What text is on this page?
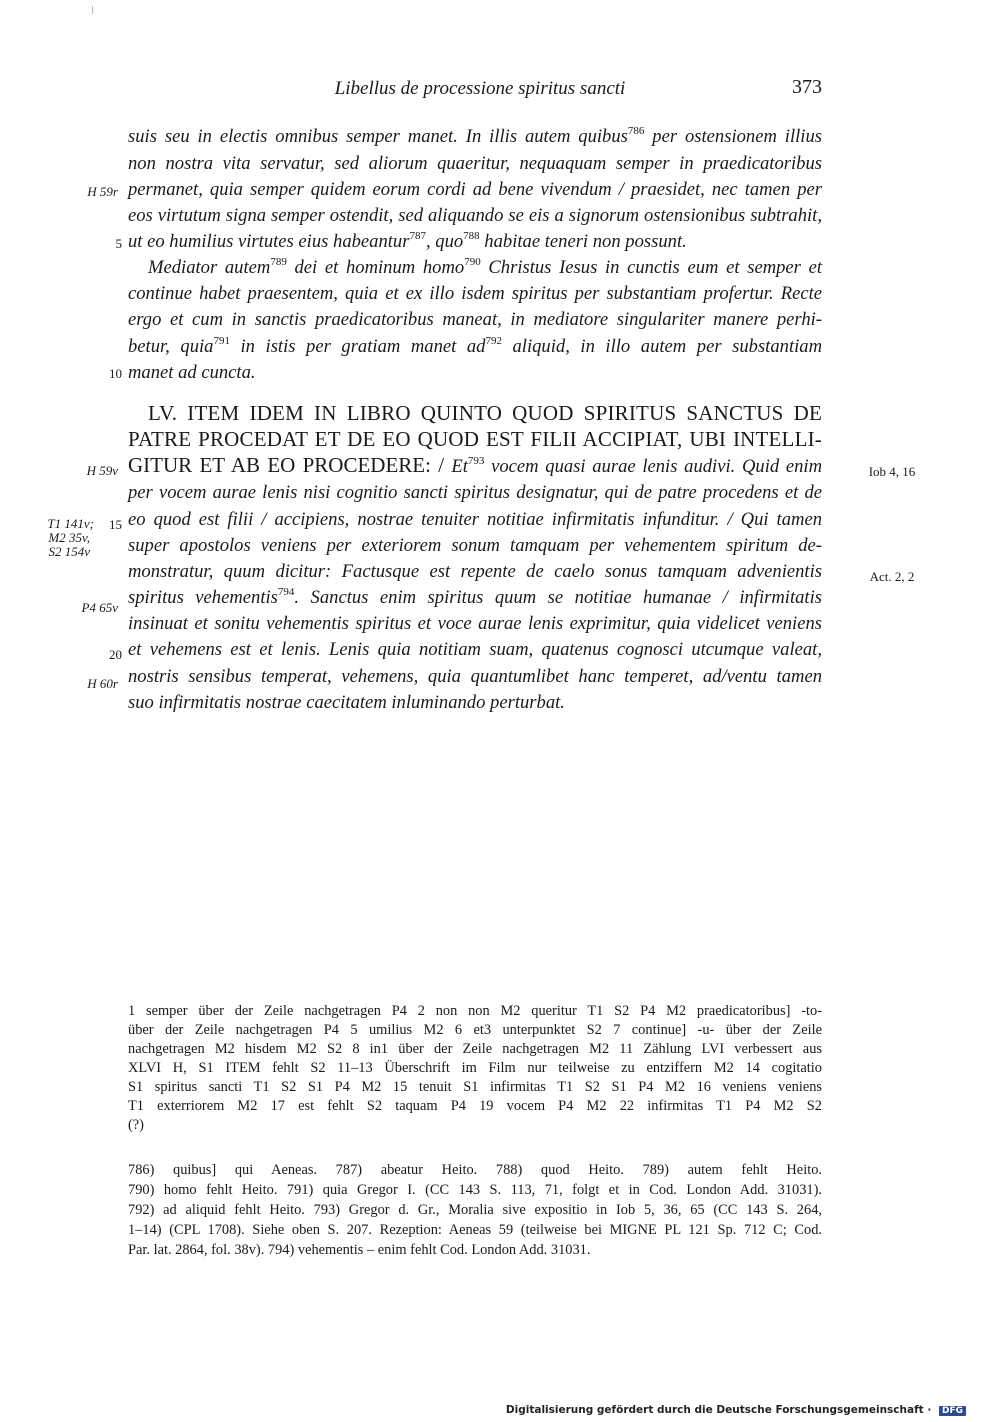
Libellus de processione spiritus sancti	373
suis seu in electis omnibus semper manet. In illis autem quibus$^{786}$ per ostensionem illius
non nostra vita servatur, sed aliorum quaeritur, nequaquam semper in praedicatoribus
permanet, quia semper quidem eorum cordi ad bene vivendum / praesidet, nec tamen per
eos virtutum signa semper ostendit, sed aliquando se eis a signorum ostensionibus subtrahit,
ut eo humilius virtutes eius habeantur$^{787}$, quo$^{788}$ habitae teneri non possunt.
Mediator autem$^{789}$ dei et hominum homo$^{790}$ Christus Iesus in cunctis eum et semper et
continue habet praesentem, quia et ex illo isdem spiritus per substantiam profertur. Recte
ergo et cum in sanctis praedicatoribus maneat, in mediatore singulariter manere perhi-
betur, quia$^{791}$ in istis per gratiam manet $ad^{792}$ aliquid, in illo autem per substantiam
manet ad cuncta.
LV. ITEM IDEM IN LIBRO QUINTO QUOD SPIRITUS SANCTUS DE
PATRE PROCEDAT ET DE EO QUOD EST FILII ACCIPIAT, UBI INTELLI-
GITUR ET AB EO PROCEDERE: / Et$^{793}$ vocem quasi aurae lenis audivi. Quid enim
per vocem aurae lenis nisi cognitio sancti spiritus designatur, qui de patre procedens et de
eo quod est filii / accipiens, nostrae tenuiter notitiae infirmitatis infunditur. / Qui tamen
super apostolos veniens per exteriorem sonum tamquam per vehementem spiritum de-
monstratur, quum dicitur: Factusque est repente de caelo sonus tamquam advenientis
spiritus vehementis$^{794}$. Sanctus enim spiritus quum se notitiae humanae / infirmitatis
insinuat et sonitu vehementis spiritus et voce aurae lenis exprimitur, quia videlicet veniens
et vehemens est et lenis. Lenis quia notitiam suam, quatenus cognosci utcumque valeat,
nostris sensibus temperat, vehemens, quia quantumlibet hanc temperet, ad/ventu tamen
suo infirmitatis nostrae caecitatem inluminando perturbat.
5
10
15
20
H 59r
H 59v
T1 141v;
M2 35v,
S2 154v
P4 65v
H 60r
Iob 4, 16
Act. 2, 2
1 semper über der Zeile nachgetragen P4 2 non non M2 queritur T1 S2 P4 M2 praedicatoribus] -to-
über der Zeile nachgetragen P4 5 umilius M2 6 et3 unterpunktet S2 7 continue] -u- über der Zeile
nachgetragen M2 hisdem M2 S2 8 in1 über der Zeile nachgetragen M2 11 Zählung LVI verbessert aus
XLVI H, S1 ITEM fehlt S2 11–13 Überschrift im Film nur teilweise zu entziffern M2 14 cogitatio
S1 spiritus sancti T1 S2 S1 P4 M2 15 tenuit S1 infirmitas T1 S2 S1 P4 M2 16 veniens veniens
T1 exterriorem M2 17 est fehlt S2 taquam P4 19 vocem P4 M2 22 infirmitas T1 P4 M2 S2
(?)
786) quibus] qui Aeneas. 787) abeatur Heito. 788) quod Heito. 789) autem fehlt Heito.
790) homo fehlt Heito. 791) quia Gregor I. (CC 143 S. 113, 71, folgt et in Cod. London Add. 31031).
792) ad aliquid fehlt Heito. 793) Gregor d. Gr., Moralia sive expositio in Iob 5, 36, 65 (CC 143 S. 264,
1–14) (CPL 1708). Siehe oben S. 207. Rezeption: Aeneas 59 (teilweise bei MIGNE PL 121 Sp. 712 C; Cod.
Par. lat. 2864, fol. 38v). 794) vehementis – enim fehlt Cod. London Add. 31031.
Digitalisierung gefördert durch die Deutsche Forschungsgemeinschaft · DFG
